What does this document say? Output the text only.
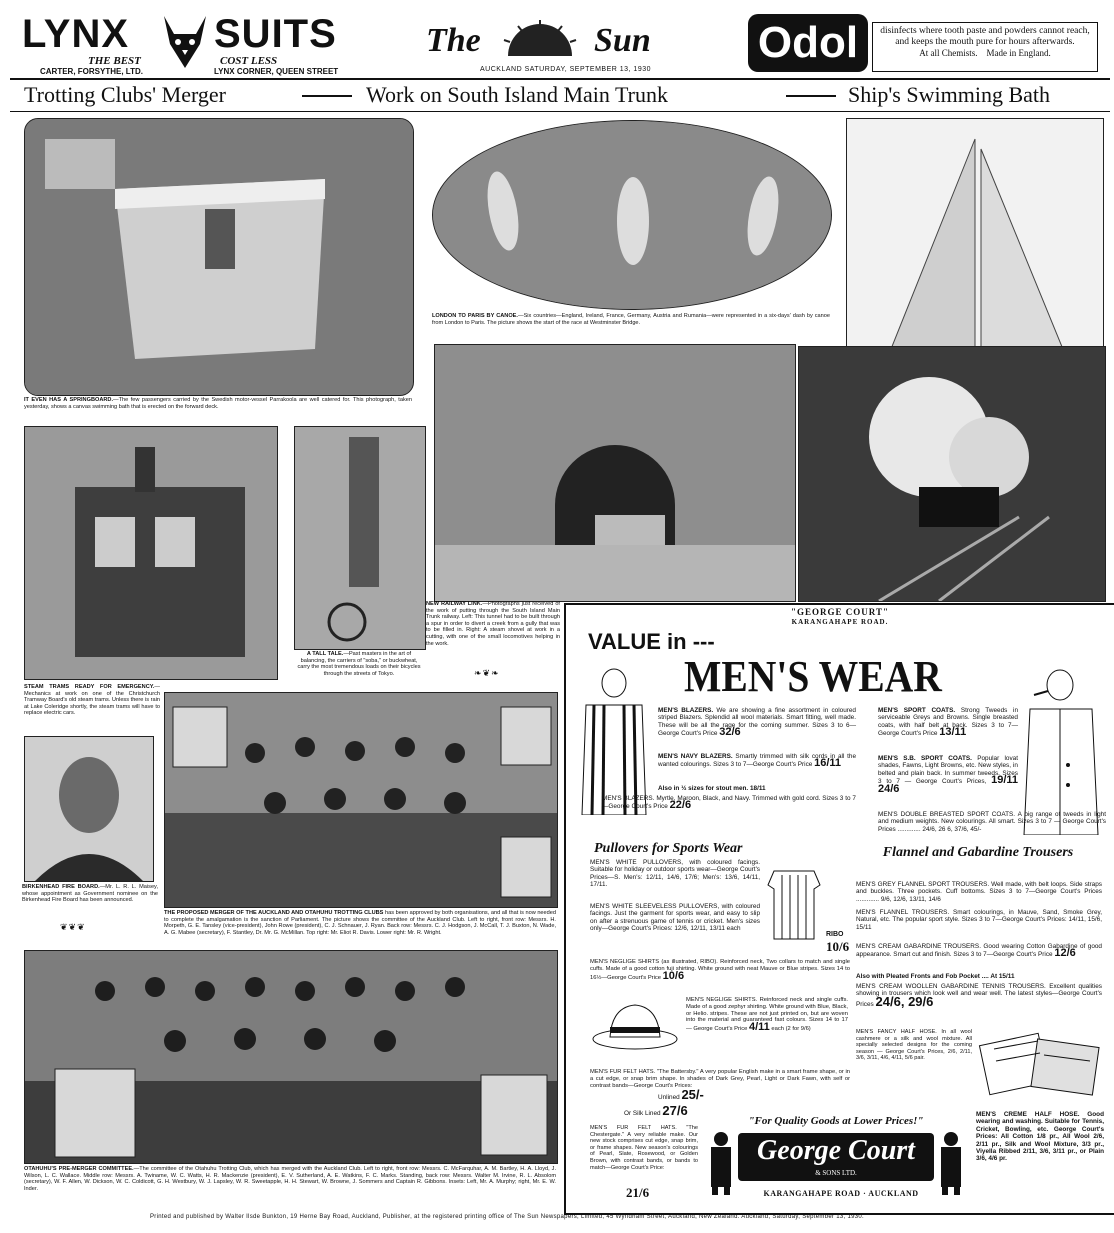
LYNX SUITS
THE BEST	COST LESS
CARTER, FORSYTHE, LTD.	LYNX CORNER, QUEEN STREET
The	Sun
AUCKLAND SATURDAY, SEPTEMBER 13, 1930
Odol	disinfects where tooth paste and powders cannot reach, and keeps the mouth pure for hours afterwards.
At all Chemists. Made in England.
Trotting Clubs' Merger	Work on South Island Main Trunk	Ship's Swimming Bath
IT EVEN HAS A SPRINGBOARD.—The few passengers carried by the Swedish motor-vessel Parrakoola are well catered for. This photograph, taken yesterday, shows a canvas swimming bath that is erected on the forward deck.
LONDON TO PARIS BY CANOE.—Six countries—England, Ireland, France, Germany, Austria and Rumania—were represented in a six-days' dash by canoe from London to Paris. The picture shows the start of the race at Westminster Bridge.
STEAM TRAMS READY FOR EMERGENCY.—Mechanics at work on one of the Christchurch Tramway Board's old steam trams. Unless there is rain at Lake Coleridge shortly, the steam trams will have to replace electric cars.
A TALL TALE.—Past masters in the art of balancing, the carriers of "soba," or buckwheat, carry the most tremendous loads on their bicycles through the streets of Tokyo.
NEW RAILWAY LINK.—Photographs just received of the work of putting through the South Island Main Trunk railway. Left: This tunnel had to be built through a spur in order to divert a creek from a gully that was to be filled in. Right: A steam shovel at work in a cutting, with one of the small locomotives helping in the work.
❧❦❧
BIRKENHEAD FIRE BOARD.—Mr. L. R. L. Maisey, whose appointment as Government nominee on the Birkenhead Fire Board has been announced.
❦❦❦
THE PROPOSED MERGER OF THE AUCKLAND AND OTAHUHU TROTTING CLUBS has been approved by both organisations, and all that is now needed to complete the amalgamation is the sanction of Parliament. The picture shows the committee of the Auckland Club. Left to right, front row: Messrs. H. Morpeth, G. E. Tansley (vice-president), John Rowe (president), C. J. Schnauer, J. Ryan. Back row: Messrs. C. J. Hodgson, J. McCall, T. J. Buxton, N. Wade, A. G. Mabee (secretary), F. Stantley, Dr. Mr. G. McMillan. Top right: Mr. Eliot R. Davis. Lower right: Mr. R. Wright.
OTAHUHU'S PRE-MERGER COMMITTEE.—The committee of the Otahuhu Trotting Club, which has merged with the Auckland Club. Left to right, front row: Messrs. C. McFarquhar, A. M. Bartley, H. A. Lloyd, J. Wilson, L. C. Wallace. Middle row: Messrs. A. Twiname, W. C. Watts, H. R. Mackenzie (president), E. V. Sutherland, A. E. Watkins, F. C. Marks. Standing, back row: Messrs. Walter M. Irvine, R. L. Absolom (secretary), W. F. Allen, W. Dickson, W. C. Coldicott, G. H. Westbury, W. J. Lapsley, W. R. Sweetapple, H. H. Stewart, W. Browne, J. Sommers and Captain R. Gibbons. Insets: Left, Mr. A. Murphy; right, Mr. E. W. Inder.
"GEORGE COURT"
KARANGAHAPE ROAD.
VALUE in ---
MEN'S WEAR
MEN'S BLAZERS. We are showing a fine assortment in coloured striped Blazers. Splendid all wool materials. Smart fitting, well made. These will be all the rage for the coming summer. Sizes 3 to 6—George Court's Price 32/6
MEN'S NAVY BLAZERS. Smartly trimmed with silk cords in all the wanted colourings. Sizes 3 to 7—George Court's Price 16/11
Also in ½ sizes for stout men. 18/11
MEN'S BLAZERS. Myrtle, Maroon, Black, and Navy. Trimmed with gold cord. Sizes 3 to 7—George Court's Price 22/6
MEN'S SPORT COATS. Strong Tweeds in serviceable Greys and Browns. Single breasted coats, with half belt at back. Sizes 3 to 7—George Court's Price 13/11
MEN'S S.B. SPORT COATS. Popular lovat shades, Fawns, Light Browns, etc. New styles, in belted and plain back. In summer tweeds. Sizes 3 to 7 — George Court's Prices, 19/11 24/6
MEN'S DOUBLE BREASTED SPORT COATS. A big range of tweeds in light and medium weights. New colourings. All smart. Sizes 3 to 7 — George Court's Prices ............. 24/6, 26 6, 37/6, 45/-
Pullovers for Sports Wear
MEN'S WHITE PULLOVERS, with coloured facings. Suitable for holiday or outdoor sports wear—George Court's Prices—S. Men's: 12/11, 14/6, 17/6; Men's: 13/6, 14/11, 17/11.
MEN'S WHITE SLEEVELESS PULLOVERS, with coloured facings. Just the garment for sports wear, and easy to slip on after a strenuous game of tennis or cricket. Men's sizes only—George Court's Prices: 12/6, 12/11, 13/11 each
RIBO
10/6
MEN'S NEGLIGE SHIRTS (as illustrated, RIBO). Reinforced neck, Two collars to match and single cuffs. Made of a good cotton fuji shirting. White ground with neat Mauve or Blue stripes. Sizes 14 to 16½—George Court's Price 10/6
MEN'S NEGLIGE SHIRTS. Reinforced neck and single cuffs. Made of a good zephyr shirting. White ground with Blue, Black, or Helio. stripes. These are not just printed on, but are woven into the material and guaranteed fast colours. Sizes 14 to 17 — George Court's Price 4/11 each (2 for 9/6)
MEN'S FUR FELT HATS. "The Battersby." A very popular English make in a smart frame shape, or in a cut edge, or snap brim shape. In shades of Dark Grey, Pearl, Light or Dark Fawn, with self or contrast bands—George Court's Prices:
Unlined 25/-
Or Silk Lined 27/6
MEN'S FUR FELT HATS. "The Chestergate." A very reliable make. Our new stock comprises cut edge, snap brim, or frame shapes. New season's colourings of Pearl, Slate, Rosewood, or Golden Brown, with contrast bands, or bands to match—George Court's Price:
21/6
Flannel and Gabardine Trousers
MEN'S GREY FLANNEL SPORT TROUSERS. Well made, with belt loops. Side straps and buckles. Three pockets. Cuff bottoms. Sizes 3 to 7—George Court's Prices ............. 9/6, 12/6, 13/11, 14/6
MEN'S FLANNEL TROUSERS. Smart colourings, in Mauve, Sand, Smoke Grey, Natural, etc. The popular sport style. Sizes 3 to 7—George Court's Prices: 14/11, 15/6, 15/11
MEN'S CREAM GABARDINE TROUSERS. Good wearing Cotton Gabardine of good appearance. Smart cut and finish. Sizes 3 to 7—George Court's Price 12/6
Also with Pleated Fronts and Fob Pocket .... At 15/11
MEN'S CREAM WOOLLEN GABARDINE TENNIS TROUSERS. Excellent qualities showing in trousers which look well and wear well. The latest styles—George Court's Prices 24/6, 29/6
MEN'S FANCY HALF HOSE. In all wool cashmere or a silk and wool mixture. All specially selected designs for the coming season — George Court's Prices, 2/6, 2/11, 3/6, 3/11, 4/6, 4/11, 5/6 pair.
MEN'S CREME HALF HOSE. Good wearing and washing. Suitable for Tennis, Cricket, Bowling, etc. George Court's Prices: All Cotton 1/8 pr., All Wool 2/6, 2/11 pr., Silk and Wool Mixture, 3/3 pr., Viyella Ribbed 2/11, 3/6, 3/11 pr., or Plain 3/6, 4/6 pr.
"For Quality Goods at Lower Prices!"
George Court
& SONS LTD.
KARANGAHAPE ROAD · AUCKLAND
Printed and published by Walter Ilsde Bunkton, 19 Herne Bay Road, Auckland, Publisher, at the registered printing office of The Sun Newspapers, Limited, 45 Wyndham Street, Auckland, New Zealand. Auckland, Saturday, September 13, 1930.
